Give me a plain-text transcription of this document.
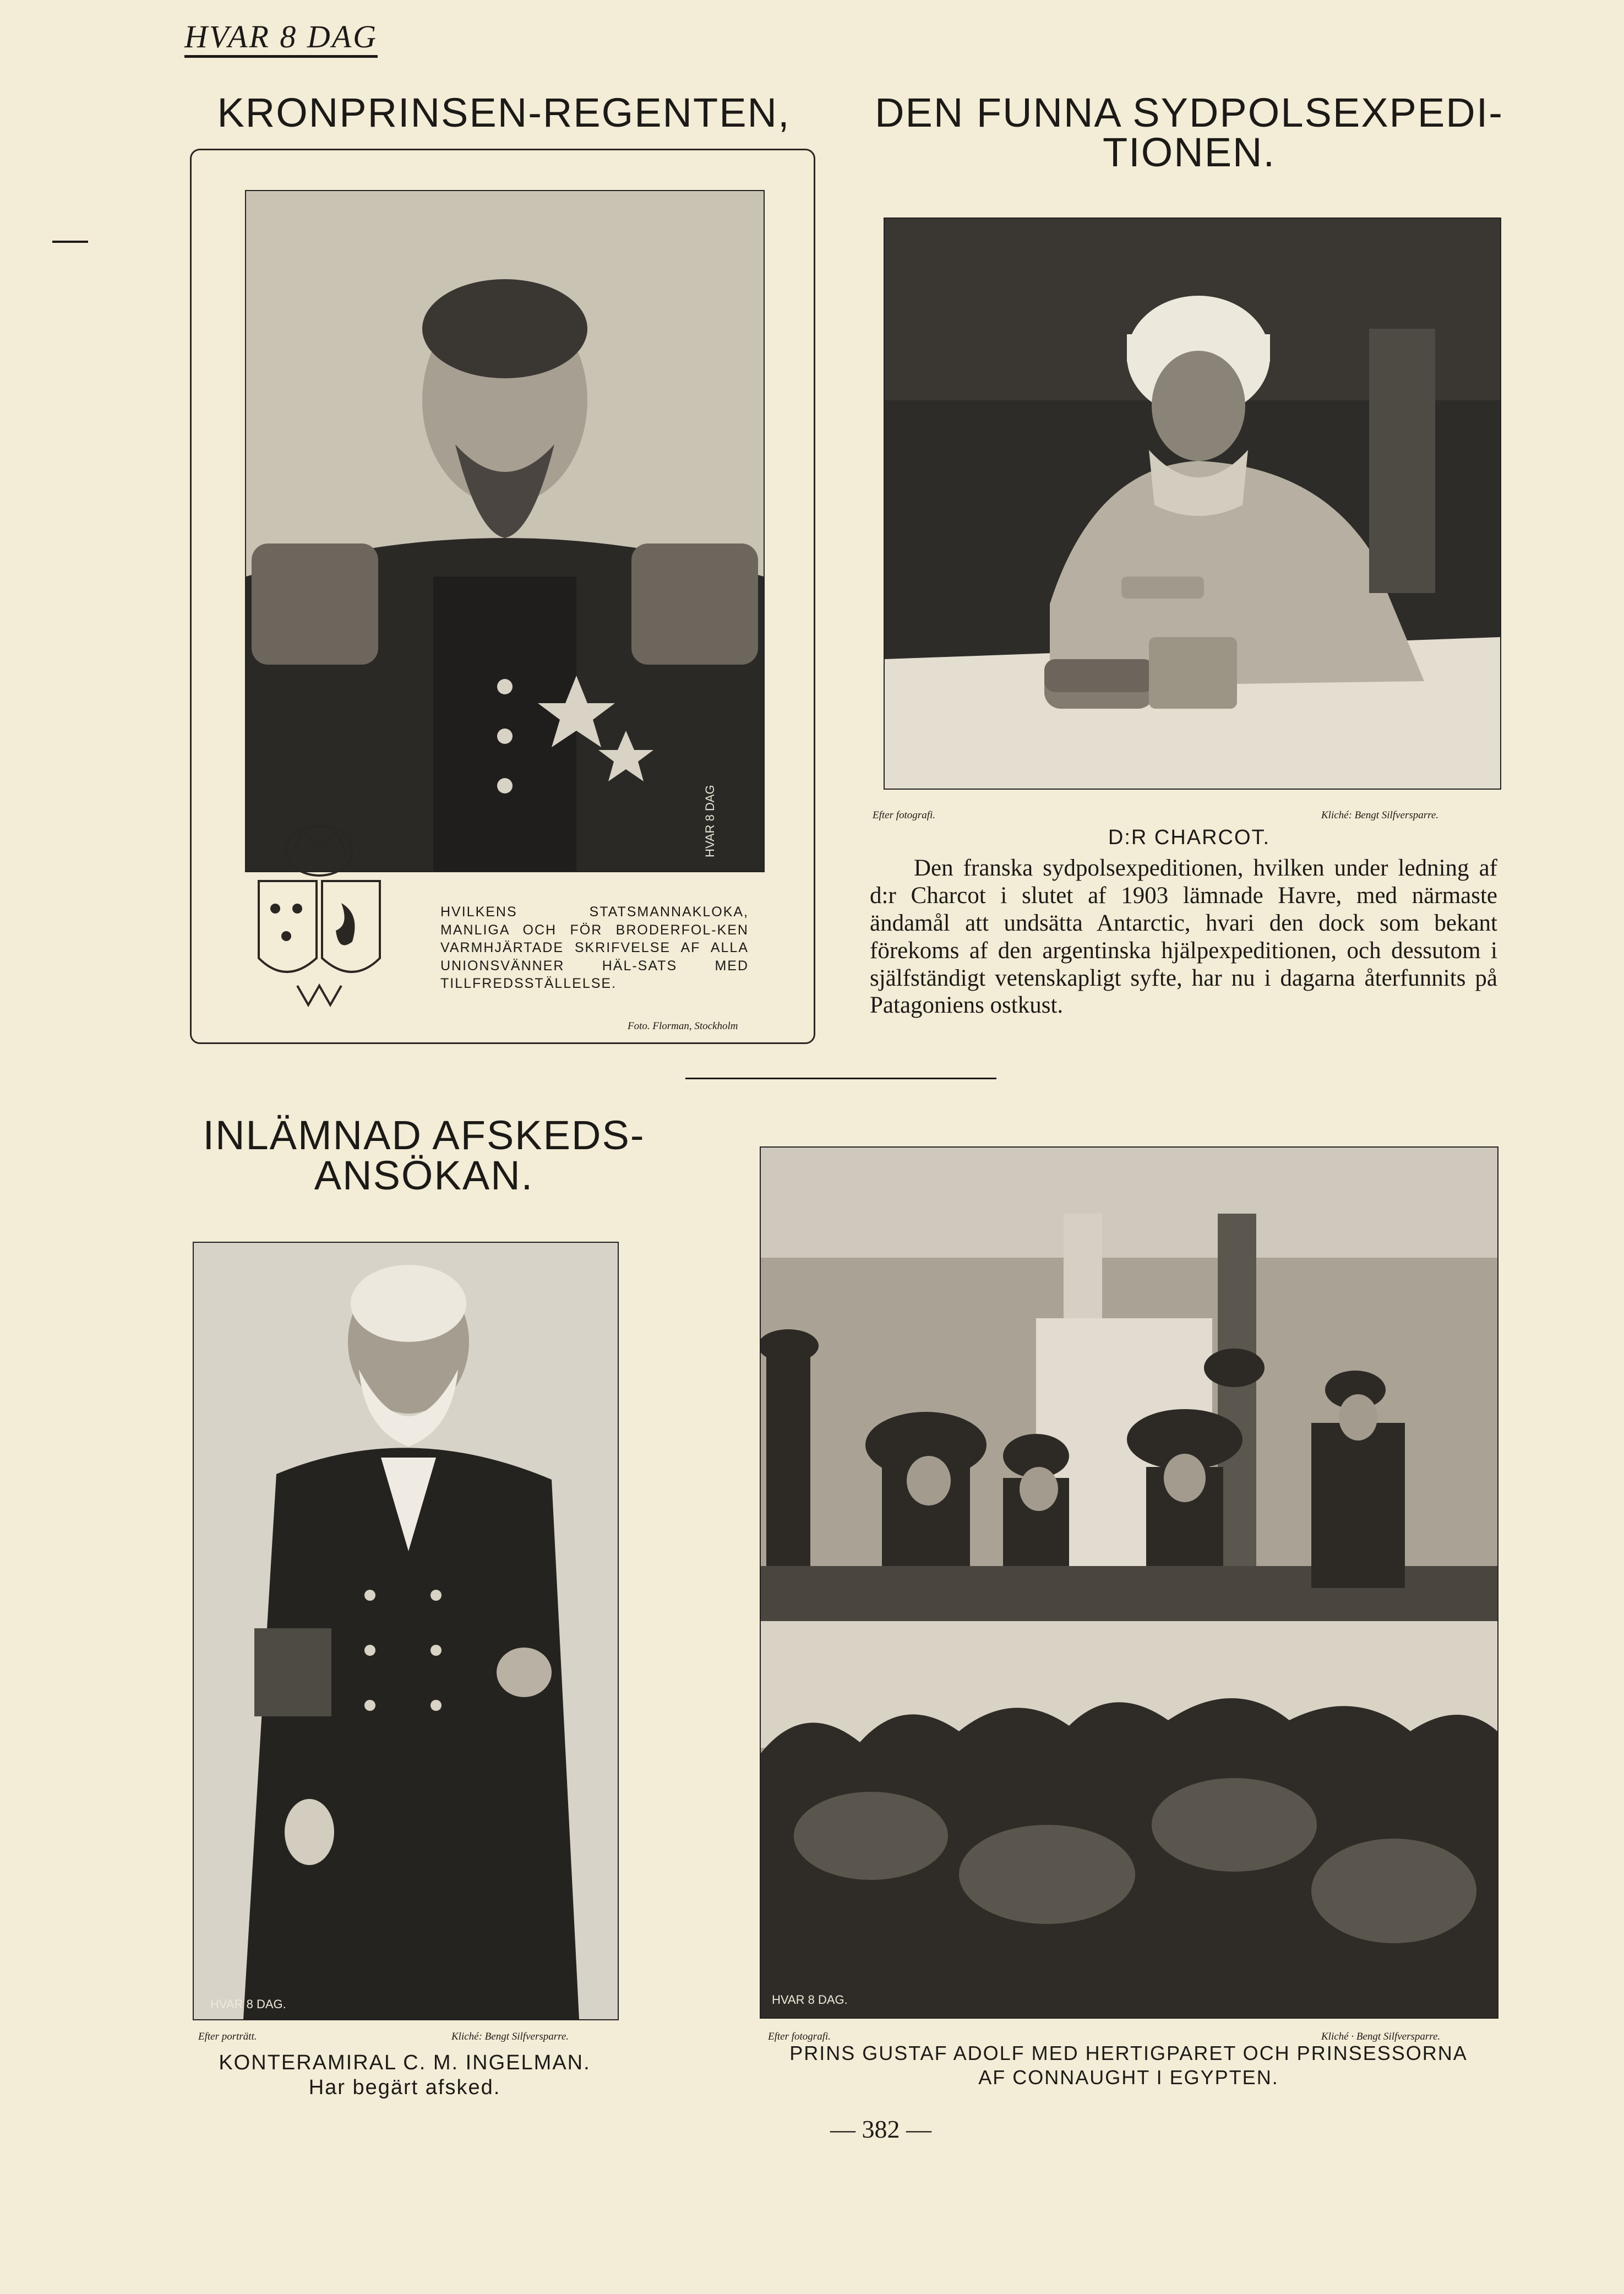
HVAR 8 DAG
KRONPRINSEN-REGENTEN,
HVAR 8 DAG
HVILKENS STATSMANNAKLOKA, MANLIGA OCH FÖR BRODERFOL-KEN VARMHJÄRTADE SKRIFVELSE AF ALLA UNIONSVÄNNER HÄL-SATS MED TILLFREDSSTÄLLELSE.
Foto. Florman, Stockholm
DEN FUNNA SYDPOLSEXPEDI-
TIONEN.
Efter fotografi.	Kliché: Bengt Silfversparre.
D:R CHARCOT.
Den franska sydpolsexpeditionen, hvilken under ledning af d:r Charcot i slutet af 1903 lämnade Havre, med närmaste ändamål att undsätta Antarctic, hvari den dock som bekant förekoms af den argentinska hjälpexpeditionen, och dessutom i själfständigt vetenskapligt syfte, har nu i dagarna återfunnits på Patagoniens ostkust.
INLÄMNAD AFSKEDS-
ANSÖKAN.
HVAR 8 DAG.
Efter porträtt.	Kliché: Bengt Silfversparre.
KONTERAMIRAL C. M. INGELMAN.
Har begärt afsked.
HVAR 8 DAG.
Efter fotografi.	Kliché · Bengt Silfversparre.
PRINS GUSTAF ADOLF MED HERTIGPARET OCH PRINSESSORNA
AF CONNAUGHT I EGYPTEN.
— 382 —
